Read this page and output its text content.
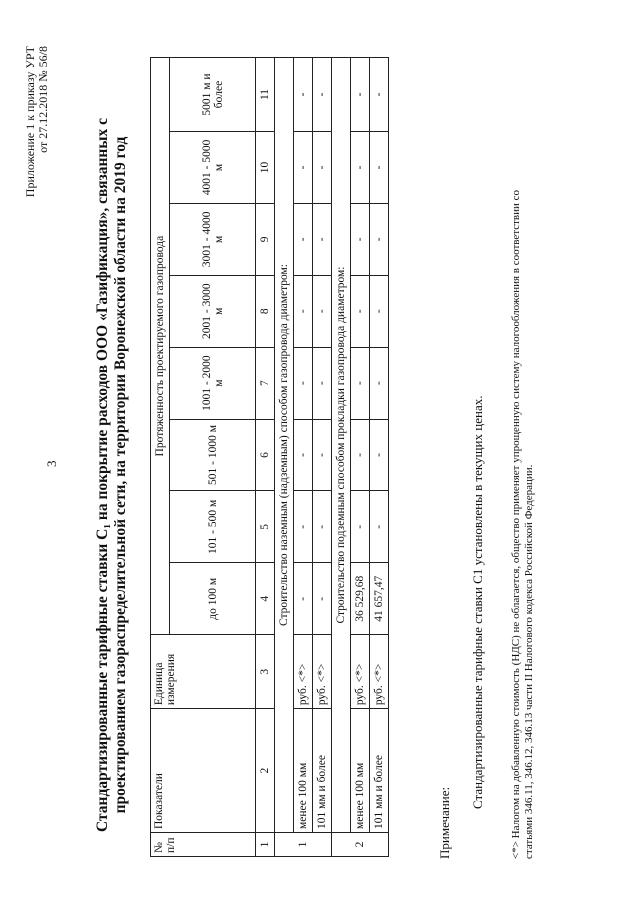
3
Приложение 1 к приказу УРТ от 27.12.2018 № 56/8
Стандартизированные тарифные ставки С₁ на покрытие расходов ООО «Газификация», связанных с проектированием газораспределительной сети, на территории Воронежской области на 2019 год
№ п/п	Показатели	Единица измерения	Протяженность проектируемого газопровода							
			до 100 м	101 - 500 м	501 - 1000 м	1001 - 2000 м	2001 - 3000 м	3001 - 4000 м	4001 - 5000 м	5001 м и более
1	2	3	4	5	6	7	8	9	10	11
1	Строительство наземным (надземным) способом газопровода диаметром:									
	менее 100 мм	руб. <*>	-	-	-	-	-	-	-	-
	101 мм и более	руб. <*>	-	-	-	-	-	-	-	-
2	Строительство подземным способом прокладки газопровода диаметром:									
	менее 100 мм	руб. <*>	36 529,68	-	-	-	-	-	-	-
	101 мм и более	руб. <*>	41 657,47	-	-	-	-	-	-	-
Примечание:
Стандартизированные тарифные ставки С1 установлены в текущих ценах. <*> Налогом на добавленную стоимость (НДС) не облагается, общество применяет упрощенную систему налогообложения в соответствии со статьями 346.11, 346.12, 346.13 части II Налогового кодекса Российской Федерации.
